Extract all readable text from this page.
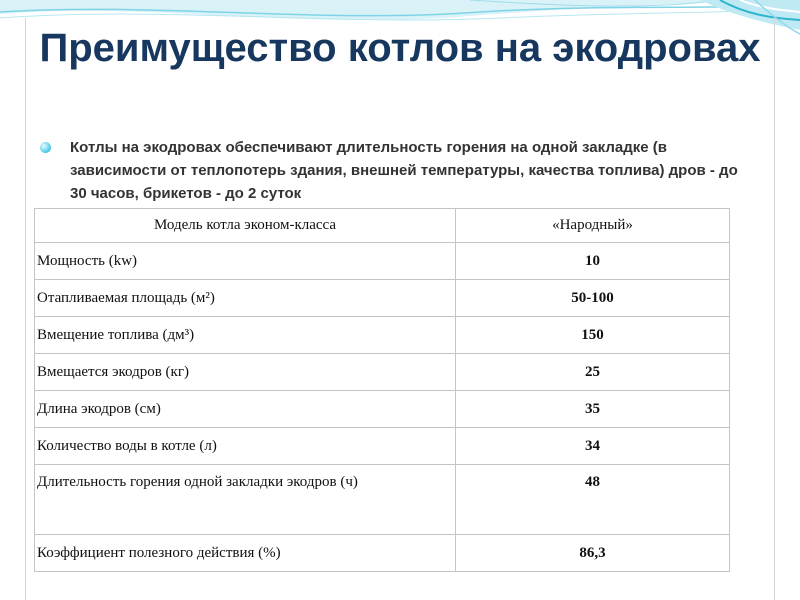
Преимущество котлов на экодровах
Котлы на экодровах обеспечивают длительность горения на одной закладке (в зависимости от теплопотерь здания, внешней температуры, качества топлива) дров - до 30 часов, брикетов - до 2 суток
Модель котла эконом-класса	«Народный»
Мощность (kw)	10
Отапливаемая площадь (м²)	50-100
Вмещение топлива (дм³)	150
Вмещается экодров (кг)	25
Длина экодров (см)	35
Количество воды в котле (л)	34
Длительность горения одной закладки экодров (ч)	48
Коэффициент полезного действия (%)	86,3
